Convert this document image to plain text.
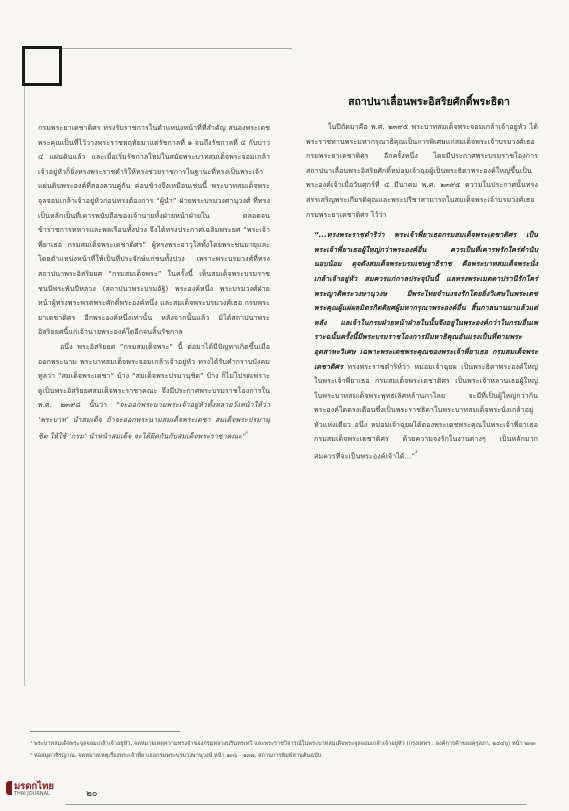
สถาปนาเลื่อนพระอิสริยศักดิ์พระธิดา

กรมพระยาเดชาดิศร ทรงรับราชการในตำแหน่งหน้าที่ที่สำคัญ สนองพระเดชพระคุณเป็นที่ไว้วางพระราชหฤทัยมาแต่รัชกาลที่ ๑ จนถึงรัชกาลที่ ๔ กับบ่าว ๔ แผ่นดินแล้ว และเมื่อเริ่มรัชกาลใหม่ในสมัยพระบาทสมเด็จพระจอมเกล้าเจ้าอยู่หัวก็ยิ่งทรงพระราชดำริให้ทรงช่วยราชการในฐานะที่ทรงเป็นพระเจ้าแผ่นดินพระองค์ที่สองควบคู่กัน ค่อนข้างจึงเหมือนเช่นนี้ พระบาทสมเด็จพระจุลจอมเกล้าเจ้าอยู่หัวก่อนทรงต้องการ “ผู้นำ” ฝ่ายพระบรมวงศานุวงศ์ ที่ทรงเป็นหลักเป็นที่เคารพนับถือของเจ้านายทั้งฝ่ายหน้าฝ่ายใน ตลอดจนข้าราชการทหารและพลเรือนทั้งปวง จึงได้ทรงประกาศเฉลิมพระยศ “พระเจ้าพี่ยาเธอ กรมสมเด็จพระเดชาดิศร” ผู้ทรงพระอาวุโสทั้งโดยพระชนมายุและโดยตำแหน่งหน้าที่ให้เป็นที่ประจักษ์แก่ชนทั้งปวง เพราะพระบรมวงศ์ที่ทรงสถาปนาพระอิสริยยศ “กรมสมเด็จพระ” ในครั้งนี้ เห็นสมเด็จพระบรมราชชนนีพระพันปีหลวง (สถาปนาพระบรมอัฐิ) พระองค์หนึ่ง พระบรมวงศ์ฝ่ายหน้าผู้ทรงพระพรตพระศักดิ์พระองค์หนึ่ง และสมเด็จพระบรมวงศ์เธอ กรมพระยาเดชาดิศร อีกพระองค์หนึ่งเท่านั้น หลังจากนั้นแล้ว มิได้สถาปนาพระอิสริยยศนี้แก่เจ้านายพระองค์ใดอีกจนสิ้นรัชกาล

อนึ่ง พระอิสริยยศ “กรมสมเด็จพระ” นี้ ต่อมาได้มีปัญหาเกิดขึ้นเมื่อออกพระนาม พระบาทสมเด็จพระจอมเกล้าเจ้าอยู่หัว ทรงได้รับคำกราบบังคมทูลว่า “สมเด็จพระเดชา” บ้าง “สมเด็จพระปรมานุชิต” บ้าง ก็ไม่โปรดเพราะดูเป็นพระอิสริยยศสมเด็จพระราชาคณะ จึงมีประกาศพระบรมราชโองการใน พ.ศ. ๒๓๙๘ นั้นว่า “จะออกพระนามพระเจ้าอยู่หัวทั้งหลายวังหน้าให้ว่า ‘พระบาท’ นำสมเด็จ ถ้าจะออกพระนามสมเด็จพระเดชา สมเด็จพระปรมานุชิต ให้ใช้ ‘กรม’ นำหน้าสมเด็จ จะได้ผิดกันกับสมเด็จพระราชาคณะ”$^{^1}$

ในปีถัดมาคือ พ.ศ. ๒๓๙๕ พระบาทสมเด็จพระจอมเกล้าเจ้าอยู่หัว ได้พระราชทานพระมหากรุณาธิคุณเป็นการพิเศษแก่สมเด็จพระเจ้าบรมวงศ์เธอ กรมพระยาเดชาดิศร อีกครั้งหนึ่ง โดยมีประกาศพระบรมราชโองการสถาปนาเลื่อนพระอิสริยศักดิ์หม่อมเจ้าฉุยผู้เป็นพระธิดาพระองค์ใหญ่ขึ้นเป็นพระองค์เจ้าเมื่อวันศุกร์ที่ ๔ มีนาคม พ.ศ. ๒๓๙๕ ความในประกาศนั้นทรงสรรเสริญพระเกียรติคุณและพระปรีชาสามารถในสมเด็จพระเจ้าบรมวงศ์เธอ กรมพระยาเดชาดิศร ไว้ว่า

“...ทรงพระราชดำริว่า พระเจ้าพี่ยาเธอกรมสมเด็จพระเดชาดิศร เป็นพระเจ้าพี่ยาเธอผู้ใหญ่กว่าพระองค์อื่น ควรเป็นที่เคารพรักใคร่คำนับนอบน้อม ดุจดังสมเด็จพระบรมเชษฐาธิราช คือพระบาทสมเด็จพระนั่งเกล้าเจ้าอยู่หัว สมควรแก่กาลประจุบันนี้ แลทรงพระเมตตาปรานีรักใคร่พระญาติพระวงษานุวงษ มีพระไทยจำนงจงรักโดยยิ่งวิเศษในพระเดชพระคุณผู้แผ่ผลมิตรกิตติยศผู้มหากรุณาพระองค์อื่น สิ้นกาลนานมาแล้วแต่หลัง แลเจ้าในกรมฝ่ายหน้าฝ่ายในนั้นจึงอยู่ในพระองค์กว่าในกรมอื่นเพราะฉนั้นครั้งนี้มีพระบรมราชโองการมีมหาธิคุณอันแรงเป็นที่ตามพระอุตสาหะวิเศษ เฉพาะพระเดชพระคุณของพระเจ้าพี่ยาเธอ กรมสมเด็จพระเดชาดิศร ทรงพระราชดำริห์ว่า หม่อมเจ้าฉุยผ เป็นพระธิดาพระองค์ใหญ่ในพระเจ้าพี่ยาเธอ กรมสมเด็จพระเดชาดิศร เป็นพระเจ้าหลานเธอผู้ใหญ่ในพระบาทสมเด็จพระพุทธเลิศหล้านภาไลย จะมีที่เป็นผู้ใหญ่กว่ากันพระองค์ใดตรงเดือนซึ่งเป็นพระราชธิดาในพระบาทสมเด็จพระนั่งเกล้าอยู่หัวแห่งเดียว อนึ่ง หม่อมเจ้าฉุยผได้ตองพระเดชพระคุณในพระเจ้าพี่ยาเธอ กรมสมเด็จพระเดชาดิศร ด้วยความจงรักในงานต่างๆ เป็นหลักมาก สมควรที่จะเป็นพระองค์เจ้าได้...”$^{^2}$

¹ พระบาทสมเด็จพระจุลจอมเกล้าเจ้าอยู่หัว, จดหมายเหตุความทรงจำของกรมหลวงนรินทรเทวี และพระราชวิจารณ์ในพระบาทสมเด็จพระจุลจอมเกล้าเจ้าอยู่หัว (กรุงเทพฯ : องค์การค้าของคุรุสภา, ๒๕๔๖) หน้า ๒๓๓

² หอสมุดวชิรญาณ, จดหมายเหตุเรื่องพระเจ้าพี่ยาเธอกรมพระบรมวงษานุวงษ์ หน้า ๑๓๖ - ๑๓๗, สถานการพิมพ์สานต้นฉบับ

มรดกไทย
THAI JOURNAL	๒๐
